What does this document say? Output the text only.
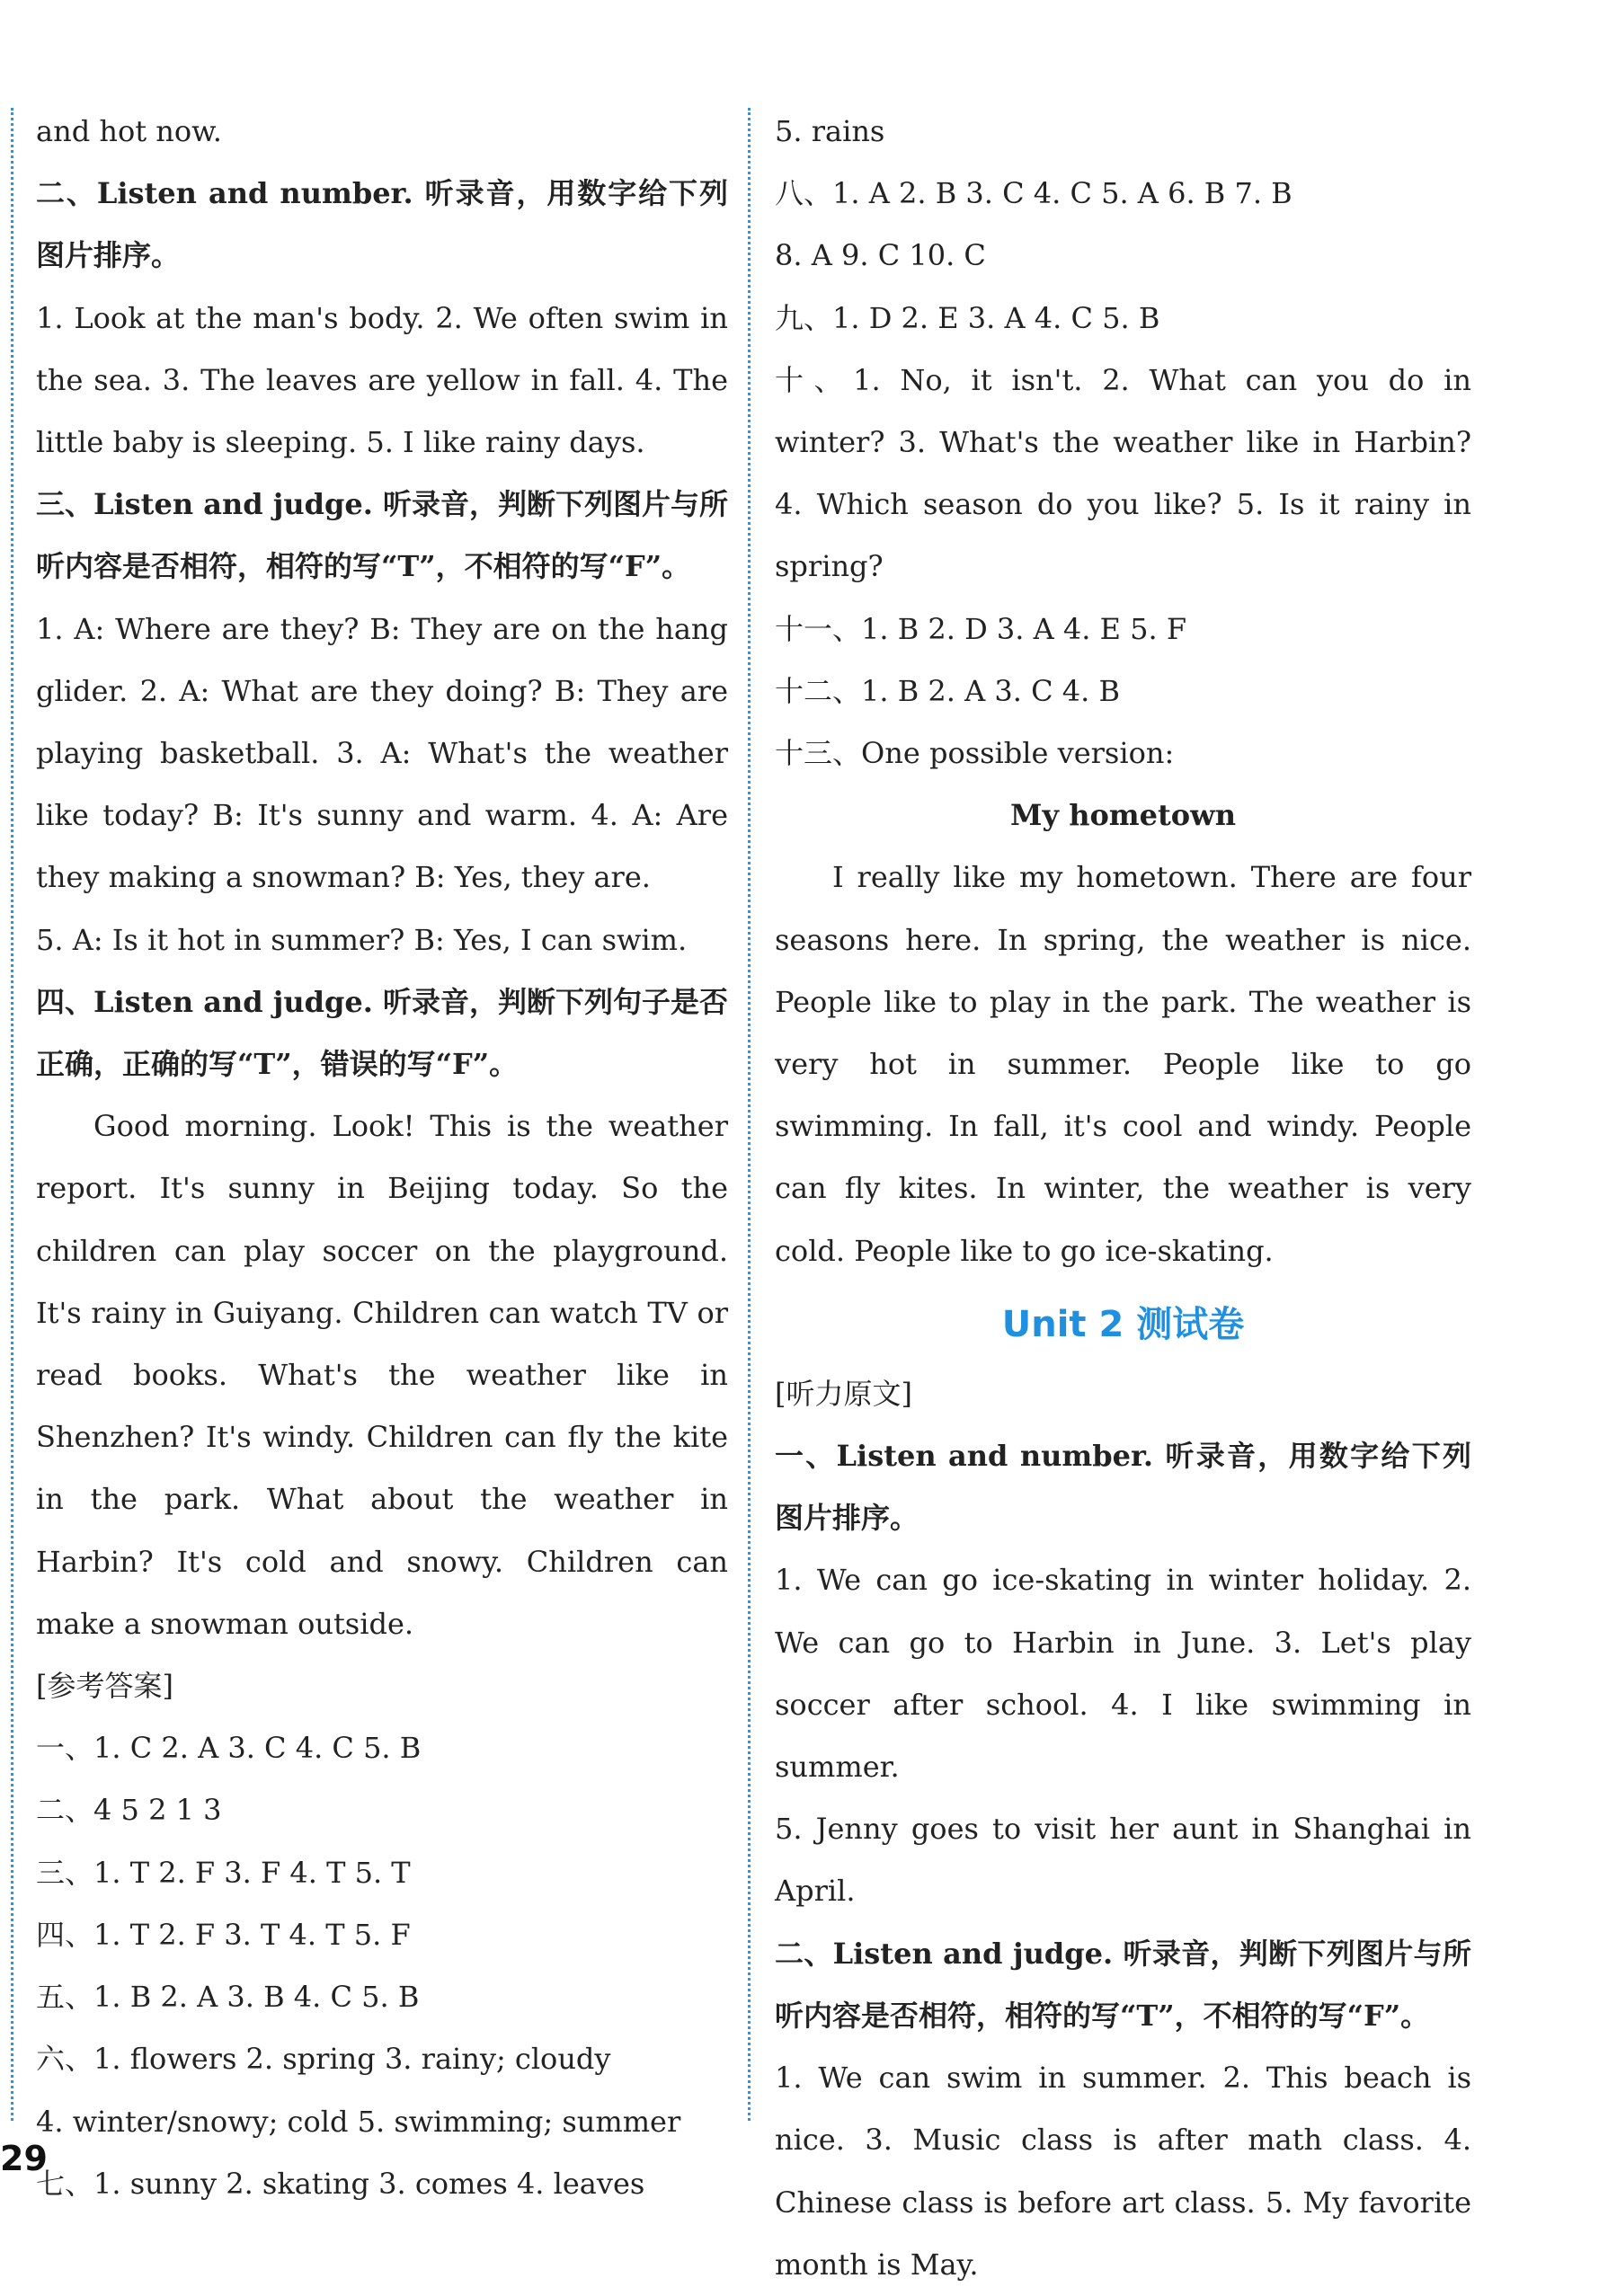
and hot now.

二、Listen and number. 听录音，用数字给下列图片排序。

1. Look at the man's body. 2. We often swim in the sea. 3. The leaves are yellow in fall. 4. The little baby is sleeping. 5. I like rainy days.

三、Listen and judge. 听录音，判断下列图片与所听内容是否相符，相符的写“T”，不相符的写“F”。

1. A: Where are they? B: They are on the hang glider. 2. A: What are they doing? B: They are playing basketball. 3. A: What's the weather like today? B: It's sunny and warm. 4. A: Are they making a snowman? B: Yes, they are.

5. A: Is it hot in summer? B: Yes, I can swim.

四、Listen and judge. 听录音，判断下列句子是否正确，正确的写“T”，错误的写“F”。

Good morning. Look! This is the weather report. It's sunny in Beijing today. So the children can play soccer on the playground. It's rainy in Guiyang. Children can watch TV or read books. What's the weather like in Shenzhen? It's windy. Children can fly the kite in the park. What about the weather in Harbin? It's cold and snowy. Children can make a snowman outside.

[参考答案]

一、1. C 2. A 3. C 4. C 5. B

二、4 5 2 1 3

三、1. T 2. F 3. F 4. T 5. T

四、1. T 2. F 3. T 4. T 5. F

五、1. B 2. A 3. B 4. C 5. B

六、1. flowers 2. spring 3. rainy; cloudy

4. winter/snowy; cold 5. swimming; summer

七、1. sunny 2. skating 3. comes 4. leaves

5. rains

八、1. A 2. B 3. C 4. C 5. A 6. B 7. B

8. A 9. C 10. C

九、1. D 2. E 3. A 4. C 5. B

十、1. No, it isn't. 2. What can you do in winter? 3. What's the weather like in Harbin? 4. Which season do you like? 5. Is it rainy in spring?

十一、1. B 2. D 3. A 4. E 5. F

十二、1. B 2. A 3. C 4. B

十三、One possible version:

My hometown

I really like my hometown. There are four seasons here. In spring, the weather is nice. People like to play in the park. The weather is very hot in summer. People like to go swimming. In fall, it's cool and windy. People can fly kites. In winter, the weather is very cold. People like to go ice-skating.

Unit 2 测试卷

[听力原文]

一、Listen and number. 听录音，用数字给下列图片排序。

1. We can go ice-skating in winter holiday. 2. We can go to Harbin in June. 3. Let's play soccer after school. 4. I like swimming in summer.

5. Jenny goes to visit her aunt in Shanghai in April.

二、Listen and judge. 听录音，判断下列图片与所听内容是否相符，相符的写“T”，不相符的写“F”。

1. We can swim in summer. 2. This beach is nice. 3. Music class is after math class. 4. Chinese class is before art class. 5. My favorite month is May.

29
